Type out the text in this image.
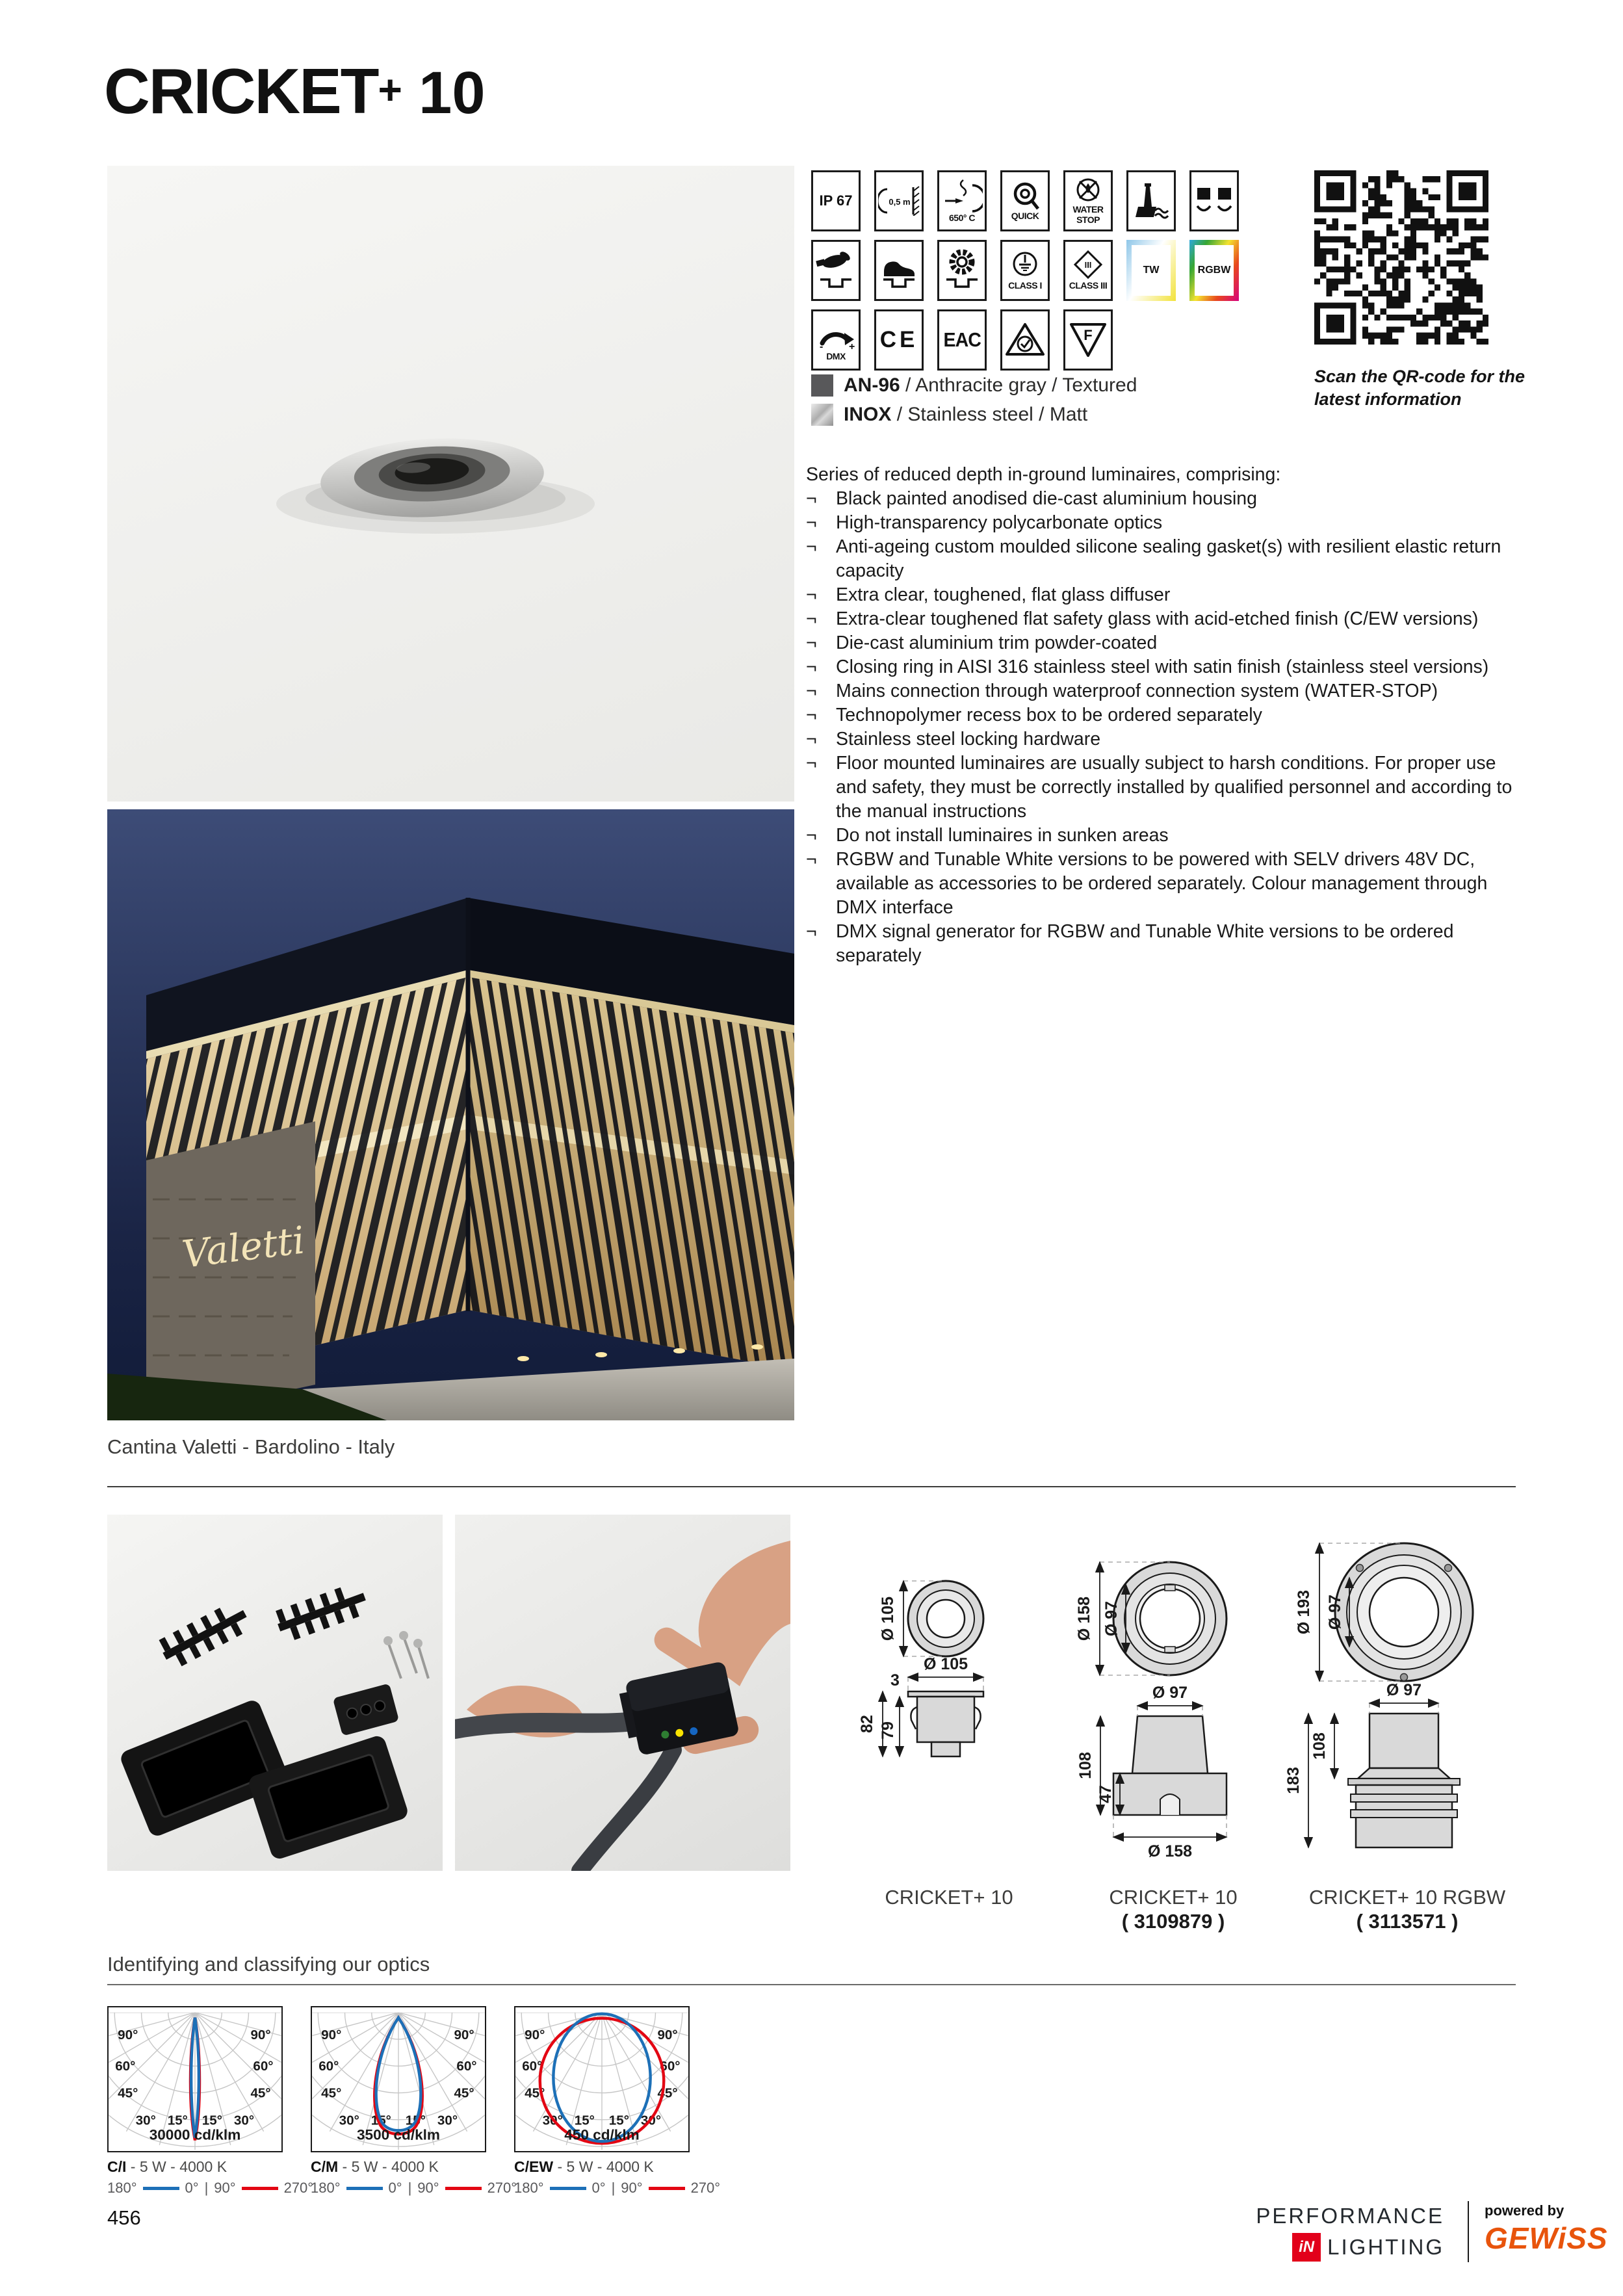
CRICKET+ 10
Valetti
Cantina Valetti - Bardolino - Italy
Ø 105
Ø 105
82 79
3
Ø 158 Ø 97
Ø 97
108
47
Ø 158
Ø 193 Ø 97
Ø 97
108
183
CRICKET+ 10	CRICKET+ 10
( 3109879 )
CRICKET+ 10 RGBW
( 3113571 )
Identifying and classifying our optics
30000 cd/klm
C/I - 5 W - 4000 K
180°	0° | 90°	270°
3500 cd/klm
C/M - 5 W - 4000 K
180°	0° | 90°	270°
450 cd/klm
C/EW - 5 W - 4000 K
180°	0° | 90°	270°
IP 67	0,5 m
650° C	QUICK
WATER
STOP
CLASS I
III
CLASS III
TW	RGBW
- +
DMX
CE EAC	F
Scan the QR-code for the latest information
AN-96 / Anthracite gray / Textured
INOX / Stainless steel / Matt
Series of reduced depth in-ground luminaires, comprising:
¬	Black painted anodised die-cast aluminium housing
¬	High-transparency polycarbonate optics
¬	Anti-ageing custom moulded silicone sealing gasket(s) with resilient elastic return capacity
¬	Extra clear, toughened, flat glass diffuser
¬	Extra-clear toughened flat safety glass with acid-etched finish (C/EW versions)
¬	Die-cast aluminium trim powder-coated
¬	Closing ring in AISI 316 stainless steel with satin finish (stainless steel versions)
¬	Mains connection through waterproof connection system (WATER-STOP)
¬	Technopolymer recess box to be ordered separately
¬	Stainless steel locking hardware
¬	Floor mounted luminaires are usually subject to harsh conditions. For proper use and safety, they must be correctly installed by qualified personnel and according to the manual instructions
¬	Do not install luminaires in sunken areas
¬	RGBW and Tunable White versions to be powered with SELV drivers 48V DC, available as accessories to be ordered separately. Colour management through DMX interface
¬	DMX signal generator for RGBW and Tunable White versions to be ordered separately
456	PERFORMANCE
iN LIGHTING
powered by
GEWiSS
